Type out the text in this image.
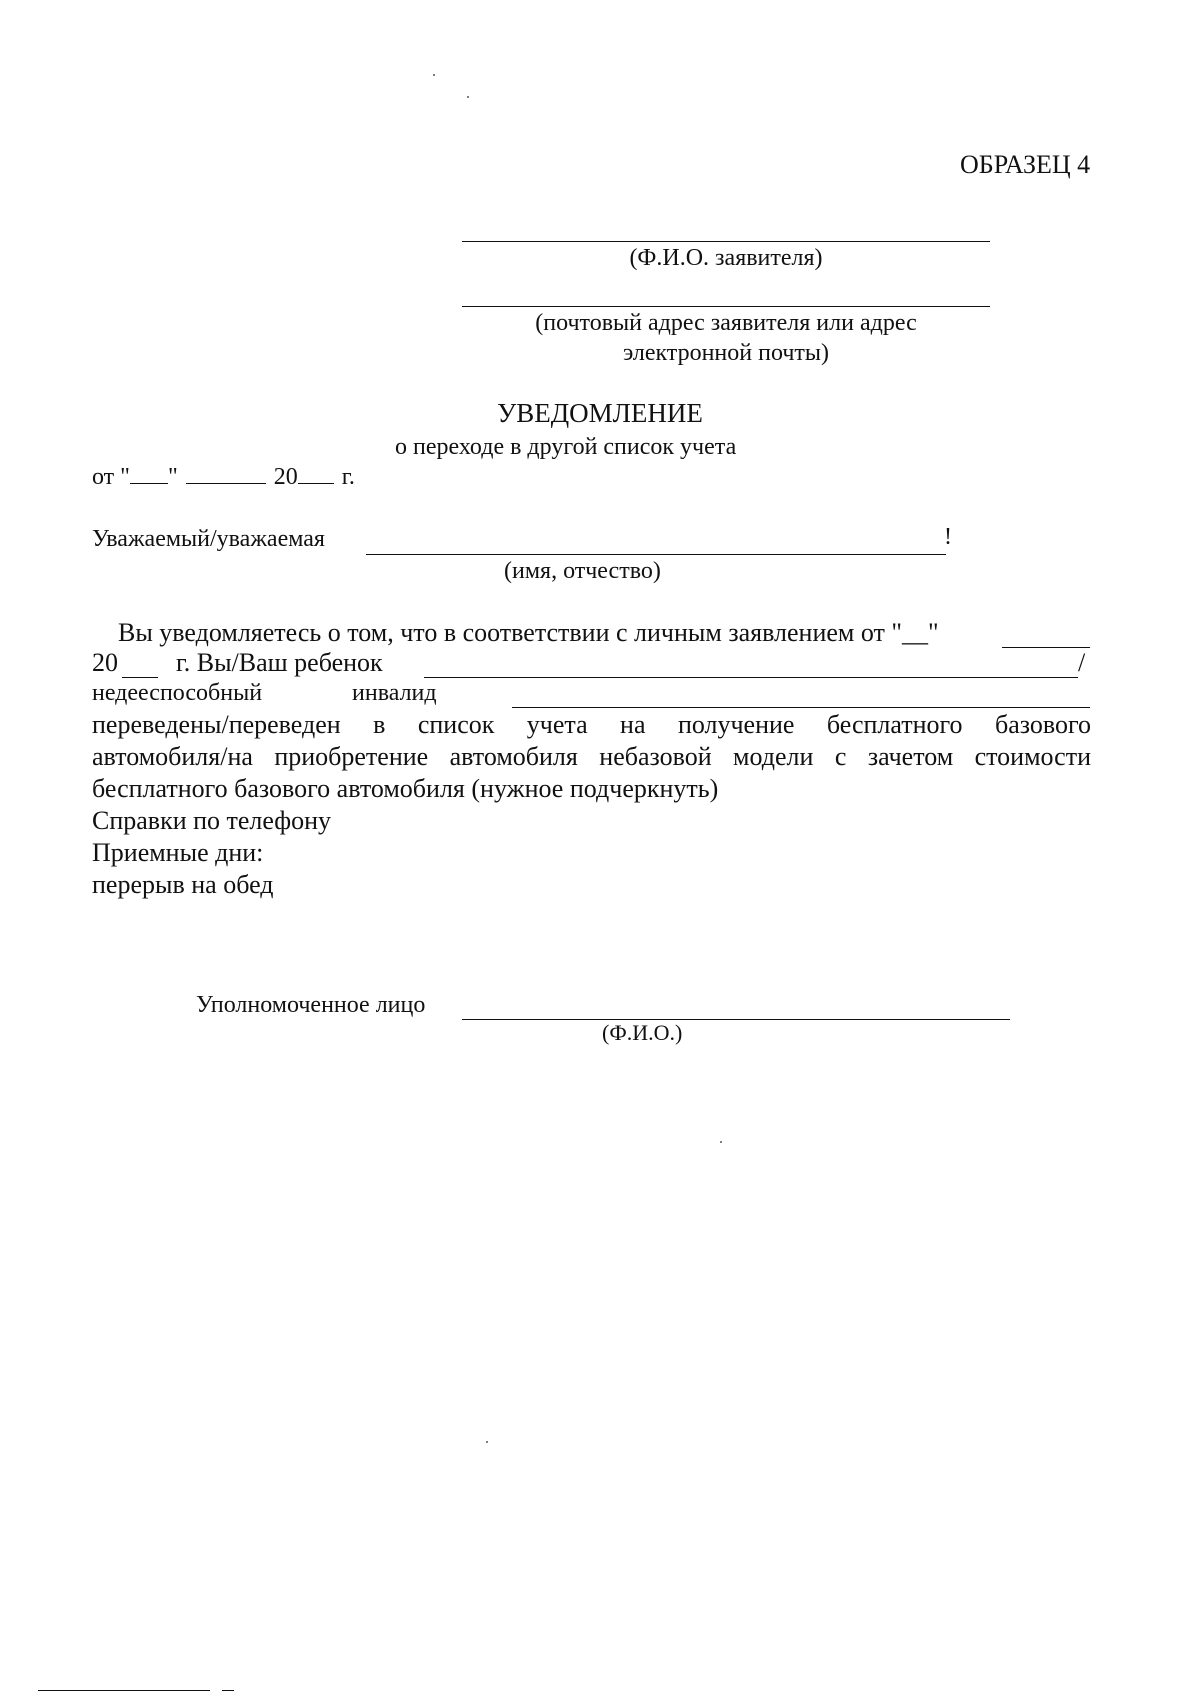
ОБРАЗЕЦ 4
(Ф.И.О. заявителя)
(почтовый адрес заявителя или адрес
электронной почты)
УВЕДОМЛЕНИЕ
о переходе в другой список учета
от " "	20 г.
Уважаемый/уважаемая	!
(имя, отчество)
Вы уведомляетесь о том, что в соответствии с личным заявлением от "__"
20 г. Вы/Ваш ребенок	/
недееспособный	инвалид
переведены/переведен в список учета на получение бесплатного базового
автомобиля/на приобретение автомобиля небазовой модели с зачетом стоимости
бесплатного базового автомобиля (нужное подчеркнуть)
Справки по телефону
Приемные дни:
перерыв на обед
Уполномоченное лицо
(Ф.И.О.)
